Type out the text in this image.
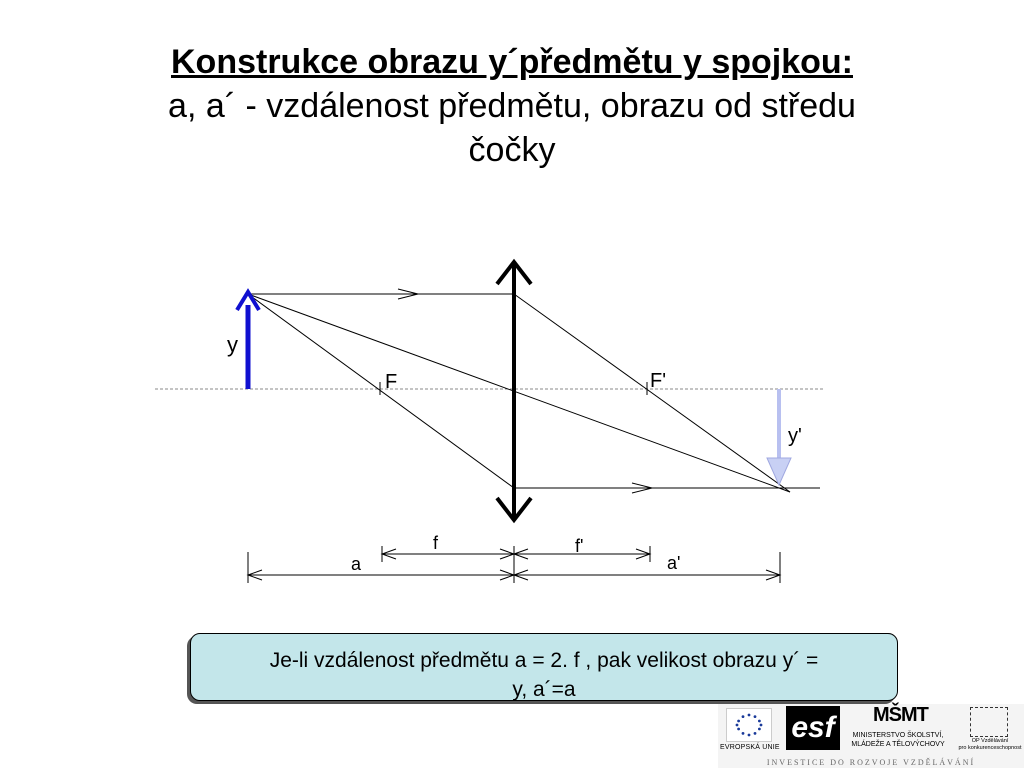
Konstrukce obrazu y´předmětu y spojkou:
a, a´ - vzdálenost předmětu, obrazu od středu
čočky
F	F'
y
y'
f	f'
a	a'
Je-li vzdálenost předmětu a = 2. f , pak velikost obrazu y´ =
y, a´=a
EVROPSKÁ UNIE
esf MŠMT
MINISTERSTVO ŠKOLSTVÍ,
MLÁDEŽE A TĚLOVÝCHOVY	OP Vzdělávání
pro konkurenceschopnost
INVESTICE DO ROZVOJE VZDĚLÁVÁNÍ
